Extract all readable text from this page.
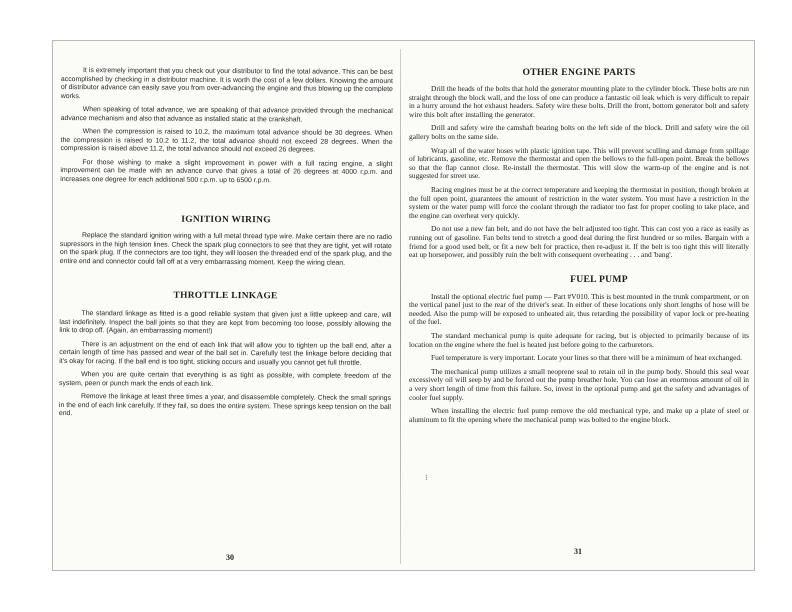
It is extremely important that you check out your distributor to find the total advance. This can be best accomplished by checking in a distributor machine. It is worth the cost of a few dollars. Knowing the amount of distributor advance can easily save you from over-advancing the engine and thus blowing up the complete works.

When speaking of total advance, we are speaking of that advance provided through the mechanical advance mechanism and also that advance as installed static at the crankshaft.

When the compression is raised to 10.2, the maximum total advance should be 30 degrees. When the compression is raised to 10.2 to 11.2, the total advance should not exceed 28 degrees. When the compression is raised above 11.2, the total advance should not exceed 26 degrees.

For those wishing to make a slight improvement in power with a full racing engine, a slight improvement can be made with an advance curve that gives a total of 26 degrees at 4000 r.p.m. and increases one degree for each additional 500 r.p.m. up to 6500 r.p.m.

IGNITION WIRING

Replace the standard ignition wiring with a full metal thread type wire. Make certain there are no radio supressors in the high tension lines. Check the spark plug connectors to see that they are tight, yet will rotate on the spark plug. If the connectors are too tight, they will loosen the threaded end of the spark plug, and the entire end and connector could fall off at a very embarrassing moment. Keep the wiring clean.

THROTTLE LINKAGE

The standard linkage as fitted is a good reliable system that given just a little upkeep and care, will last indefinitely. Inspect the ball joints so that they are kept from becoming too loose, possibly allowing the link to drop off. (Again, an embarrassing moment!)

There is an adjustment on the end of each link that will allow you to tighten up the ball end, after a certain length of time has passed and wear of the ball set in. Carefully test the linkage before deciding that it's okay for racing. If the ball end is too tight, sticking occurs and usually you cannot get full throttle.

When you are quite certain that everything is as tight as possible, with complete freedom of the system, peen or punch mark the ends of each link.

Remove the linkage at least three times a year, and disassemble completely. Check the small springs in the end of each link carefully. If they fail, so does the entire system. These springs keep tension on the ball end.

30
OTHER ENGINE PARTS

Drill the heads of the bolts that hold the generator mounting plate to the cylinder block. These bolts are run straight through the block wall, and the loss of one can produce a fantastic oil leak which is very difficult to repair in a hurry around the hot exhaust headers. Safety wire these bolts. Drill the front, bottom generator bolt and safety wire this bolt after installing the generator.

Drill and safety wire the camshaft bearing bolts on the left side of the block. Drill and safety wire the oil gallery bolts on the same side.

Wrap all of the water hoses with plastic ignition tape. This will prevent sculling and damage from spillage of lubricants, gasoline, etc. Remove the thermostat and open the bellows to the full-open point. Break the bellows so that the flap cannot close. Re-install the thermostat. This will slow the warm-up of the engine and is not suggested for street use.

Racing engines must be at the correct temperature and keeping the thermostat in position, though broken at the full open point, guarantees the amount of restriction in the water system. You must have a restriction in the system or the water pump will force the coolant through the radiator too fast for proper cooling to take place, and the engine can overheat very quickly.

Do not use a new fan belt, and do not have the belt adjusted too tight. This can cost you a race as easily as running out of gasoline. Fan belts tend to stretch a good deal during the first hundred or so miles. Bargain with a friend for a good used belt, or fit a new belt for practice, then re-adjust it. If the belt is too tight this will literally eat up horsepower, and possibly ruin the belt with consequent overheating . . . and 'bang'.

FUEL PUMP

Install the optional electric fuel pump — Part #V010. This is best mounted in the trunk compartment, or on the vertical panel just to the rear of the driver's seat. In either of these locations only short lengths of hose will be needed. Also the pump will be exposed to unheated air, thus retarding the possibility of vapor lock or pre-heating of the fuel.

The standard mechanical pump is quite adequate for racing, but is objected to primarily because of its location on the engine where the fuel is heated just before going to the carburetors.

Fuel temperature is very important. Locate your lines so that there will be a minimum of heat exchanged.

The mechanical pump utilizes a small neoprene seal to retain oil in the pump body. Should this seal wear excessively oil will seep by and be forced out the pump breather hole. You can lose an enormous amount of oil in a very short length of time from this failure. So, invest in the optional pump and get the safety and advantages of cooler fuel supply.

When installing the electric fuel pump remove the old mechanical type, and make up a plate of steel or aluminum to fit the opening where the mechanical pump was bolted to the engine block.

31
⁝
